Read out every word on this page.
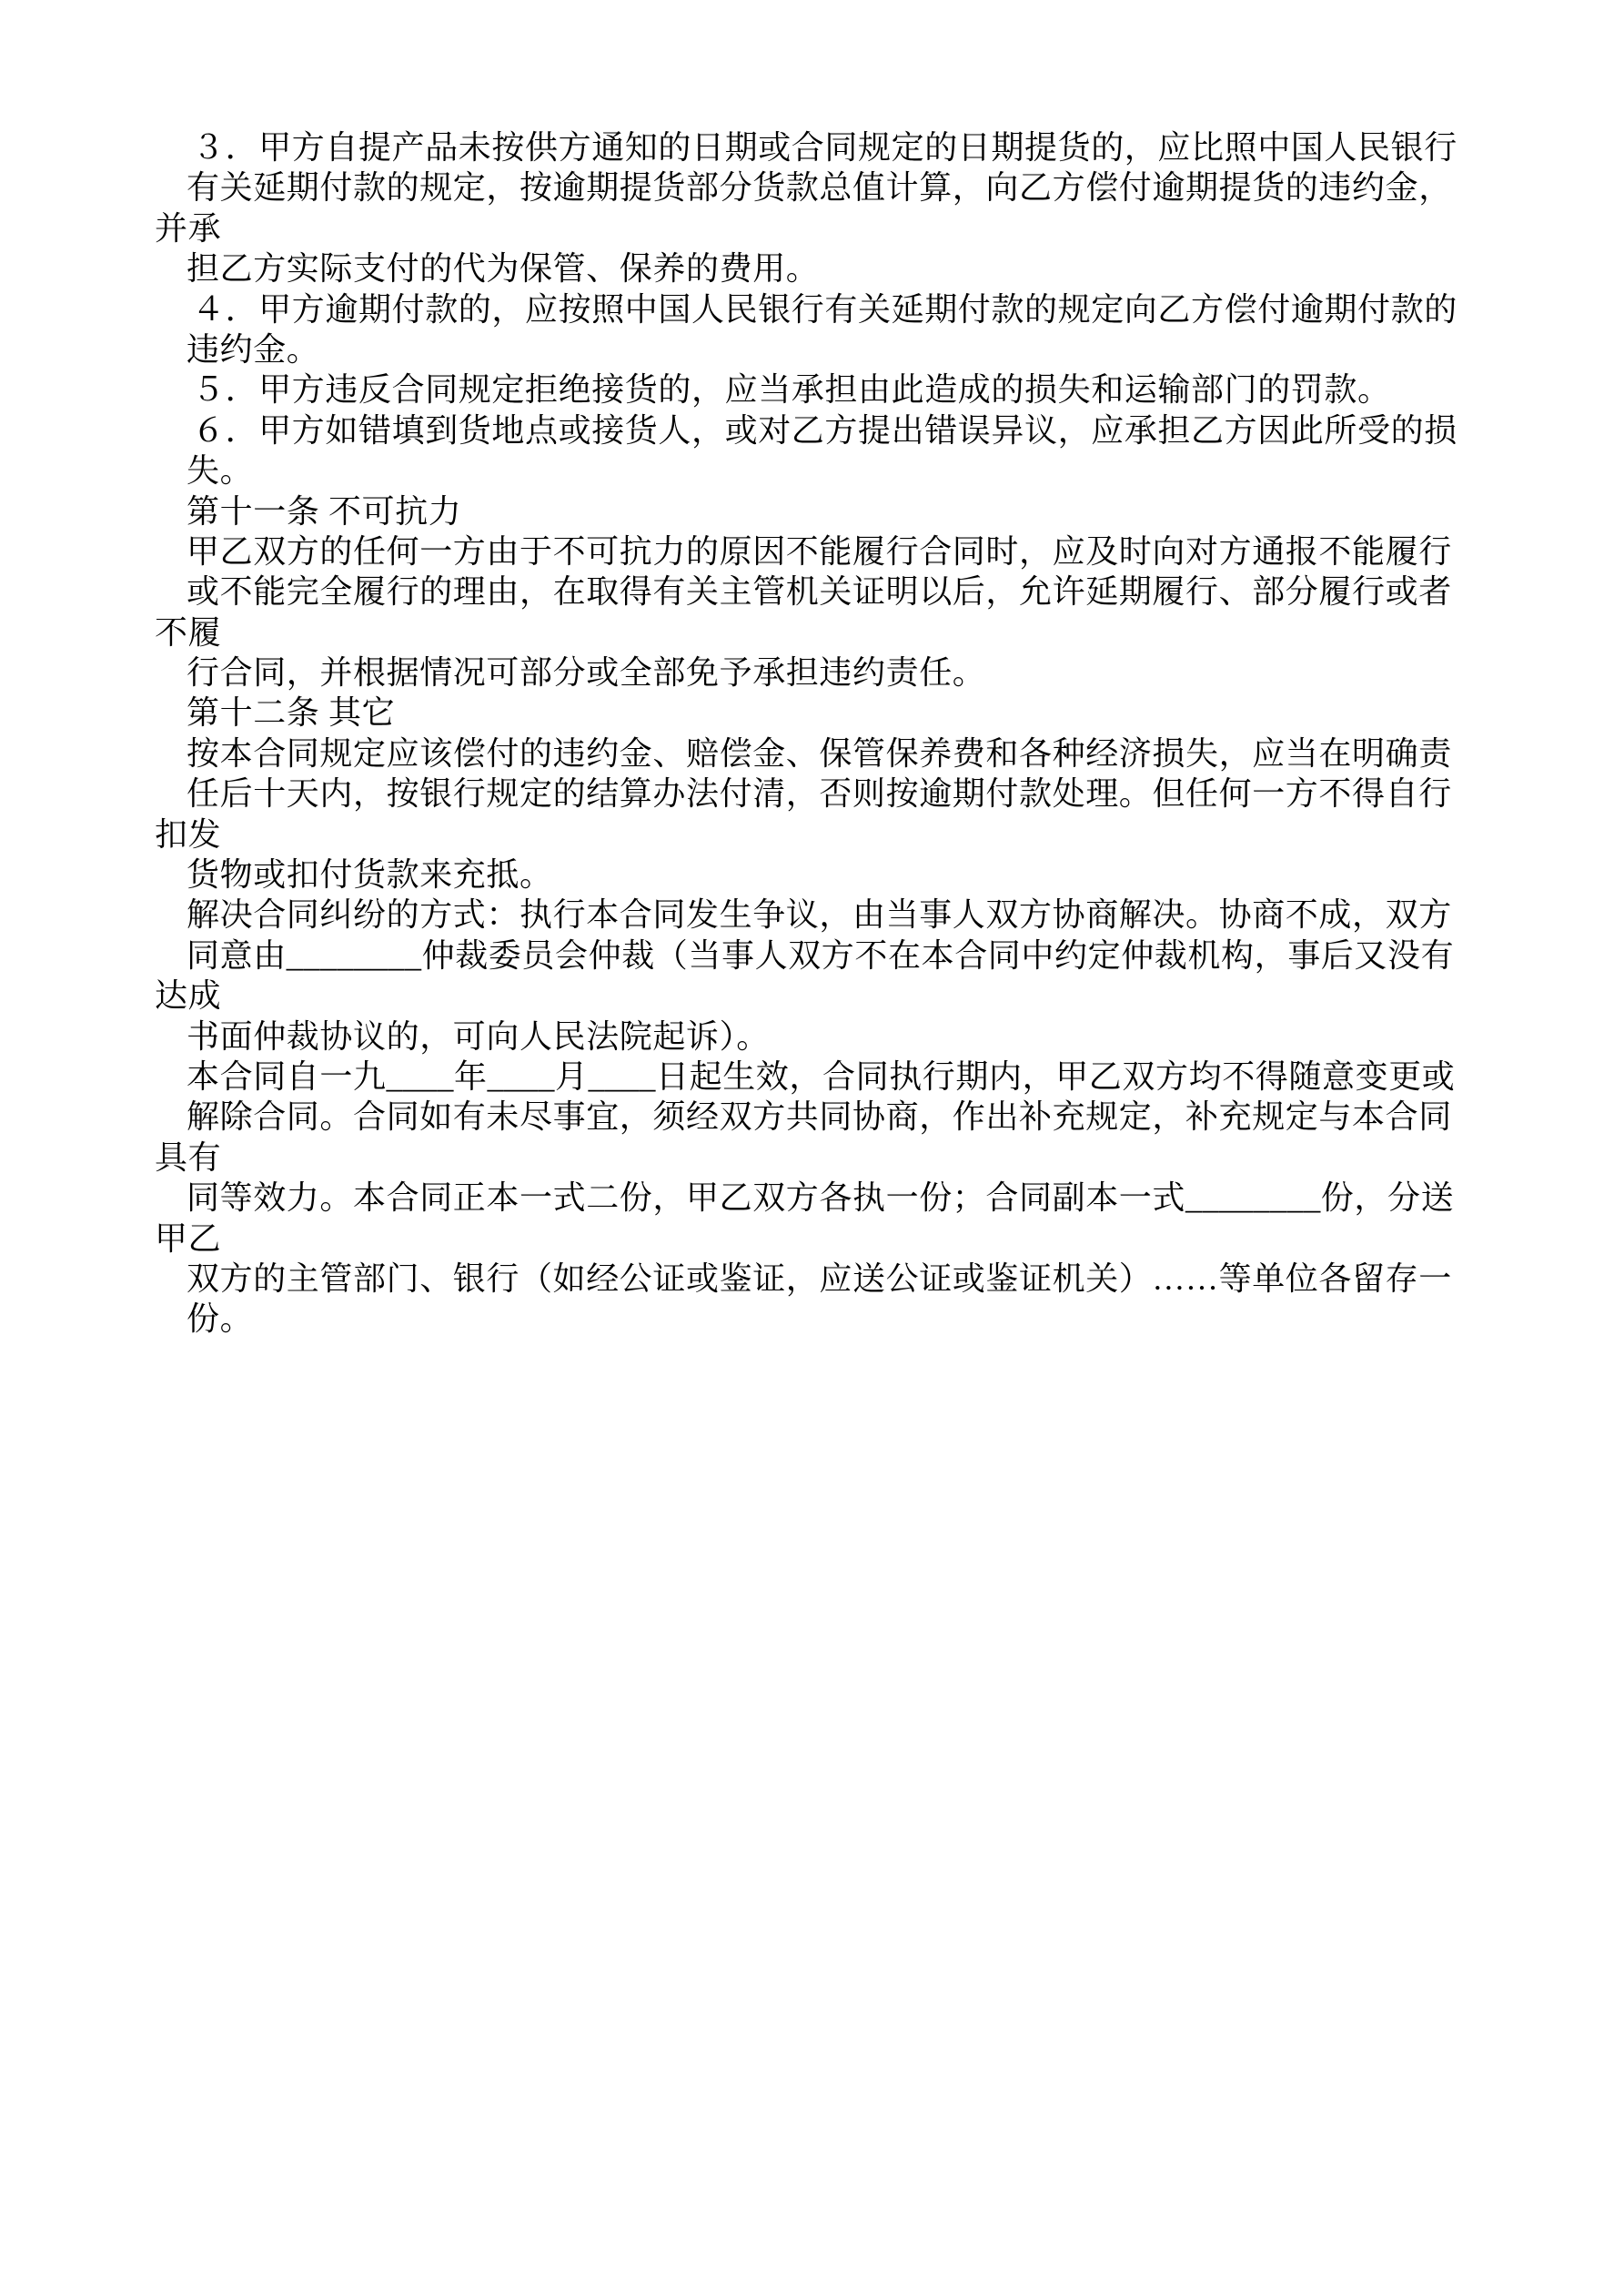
３．甲方自提产品未按供方通知的日期或合同规定的日期提货的，应比照中国人民银行
有关延期付款的规定，按逾期提货部分货款总值计算，向乙方偿付逾期提货的违约金，
并承
担乙方实际支付的代为保管、保养的费用。
４．甲方逾期付款的，应按照中国人民银行有关延期付款的规定向乙方偿付逾期付款的
违约金。
５．甲方违反合同规定拒绝接货的，应当承担由此造成的损失和运输部门的罚款。
６．甲方如错填到货地点或接货人，或对乙方提出错误异议，应承担乙方因此所受的损
失。
第十一条 不可抗力
甲乙双方的任何一方由于不可抗力的原因不能履行合同时，应及时向对方通报不能履行
或不能完全履行的理由，在取得有关主管机关证明以后，允许延期履行、部分履行或者
不履
行合同，并根据情况可部分或全部免予承担违约责任。
第十二条 其它
按本合同规定应该偿付的违约金、赔偿金、保管保养费和各种经济损失，应当在明确责
任后十天内，按银行规定的结算办法付清，否则按逾期付款处理。但任何一方不得自行
扣发
货物或扣付货款来充抵。
解决合同纠纷的方式：执行本合同发生争议，由当事人双方协商解决。协商不成，双方
同意由________仲裁委员会仲裁（当事人双方不在本合同中约定仲裁机构，事后又没有
达成
书面仲裁协议的，可向人民法院起诉）。
本合同自一九____年____月____日起生效，合同执行期内，甲乙双方均不得随意变更或
解除合同。合同如有未尽事宜，须经双方共同协商，作出补充规定，补充规定与本合同
具有
同等效力。本合同正本一式二份，甲乙双方各执一份；合同副本一式________份，分送
甲乙
双方的主管部门、银行（如经公证或鉴证，应送公证或鉴证机关）……等单位各留存一
份。
